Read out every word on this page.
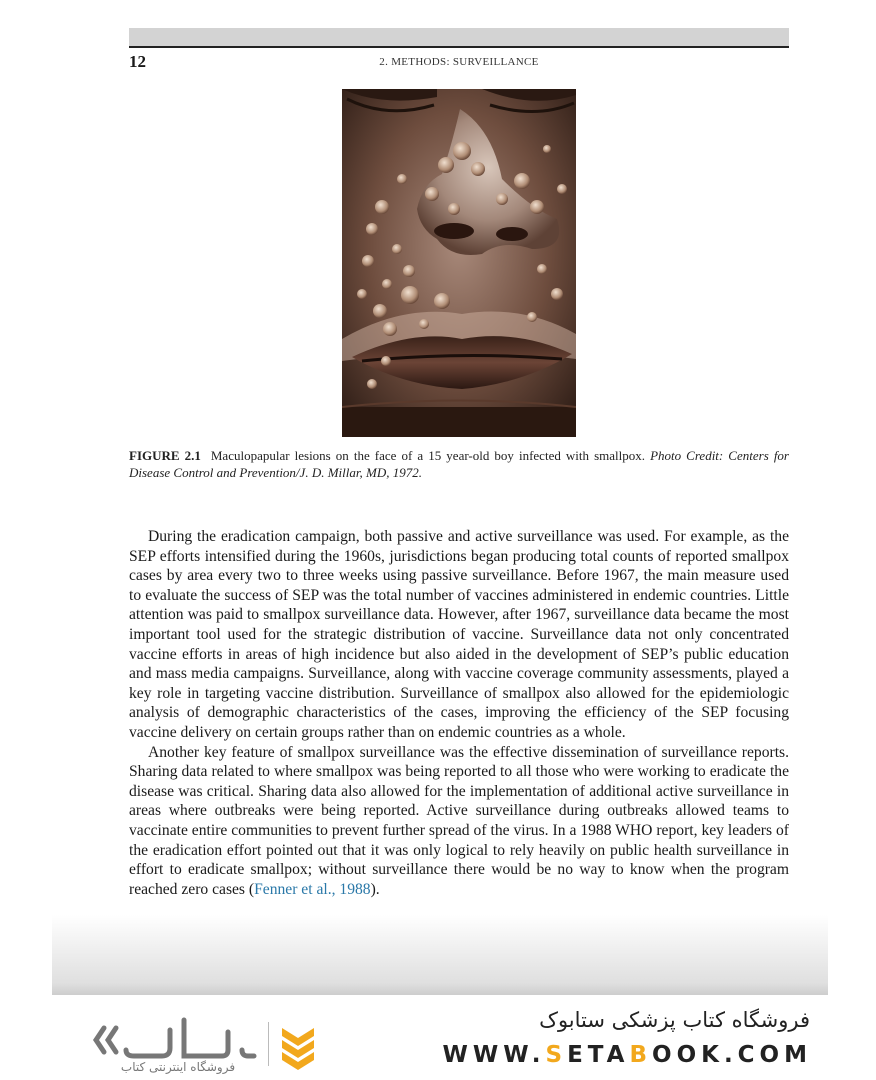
12	2. METHODS: SURVEILLANCE
FIGURE 2.1 Maculopapular lesions on the face of a 15 year-old boy infected with smallpox. Photo Credit: Centers for Disease Control and Prevention/J. D. Millar, MD, 1972.

During the eradication campaign, both passive and active surveillance was used. For example, as the SEP efforts intensified during the 1960s, jurisdictions began producing total counts of reported smallpox cases by area every two to three weeks using passive surveillance. Before 1967, the main measure used to evaluate the success of SEP was the total number of vaccines administered in endemic countries. Little attention was paid to smallpox surveillance data. However, after 1967, surveillance data became the most important tool used for the strategic distribution of vaccine. Surveillance data not only concentrated vaccine efforts in areas of high incidence but also aided in the development of SEP’s public education and mass media campaigns. Surveillance, along with vaccine coverage community assessments, played a key role in targeting vaccine distribution. Surveillance of smallpox also allowed for the epidemiologic analysis of demographic characteristics of the cases, improving the efficiency of the SEP focusing vaccine delivery on certain groups rather than on endemic countries as a whole.

Another key feature of smallpox surveillance was the effective dissemination of surveillance reports. Sharing data related to where smallpox was being reported to all those who were working to eradicate the disease was critical. Sharing data also allowed for the implementation of additional active surveillance in areas where outbreaks were being reported. Active surveillance during outbreaks allowed teams to vaccinate entire communities to prevent further spread of the virus. In a 1988 WHO report, key leaders of the eradication effort pointed out that it was only logical to rely heavily on public health surveillance in effort to eradicate smallpox; without surveillance there would be no way to know when the program reached zero cases (Fenner et al., 1988).

فروشگاه اینترنتی کتاب
فروشگاه کتاب پزشکی ستابوک
WWW.SETABOOK.COM
